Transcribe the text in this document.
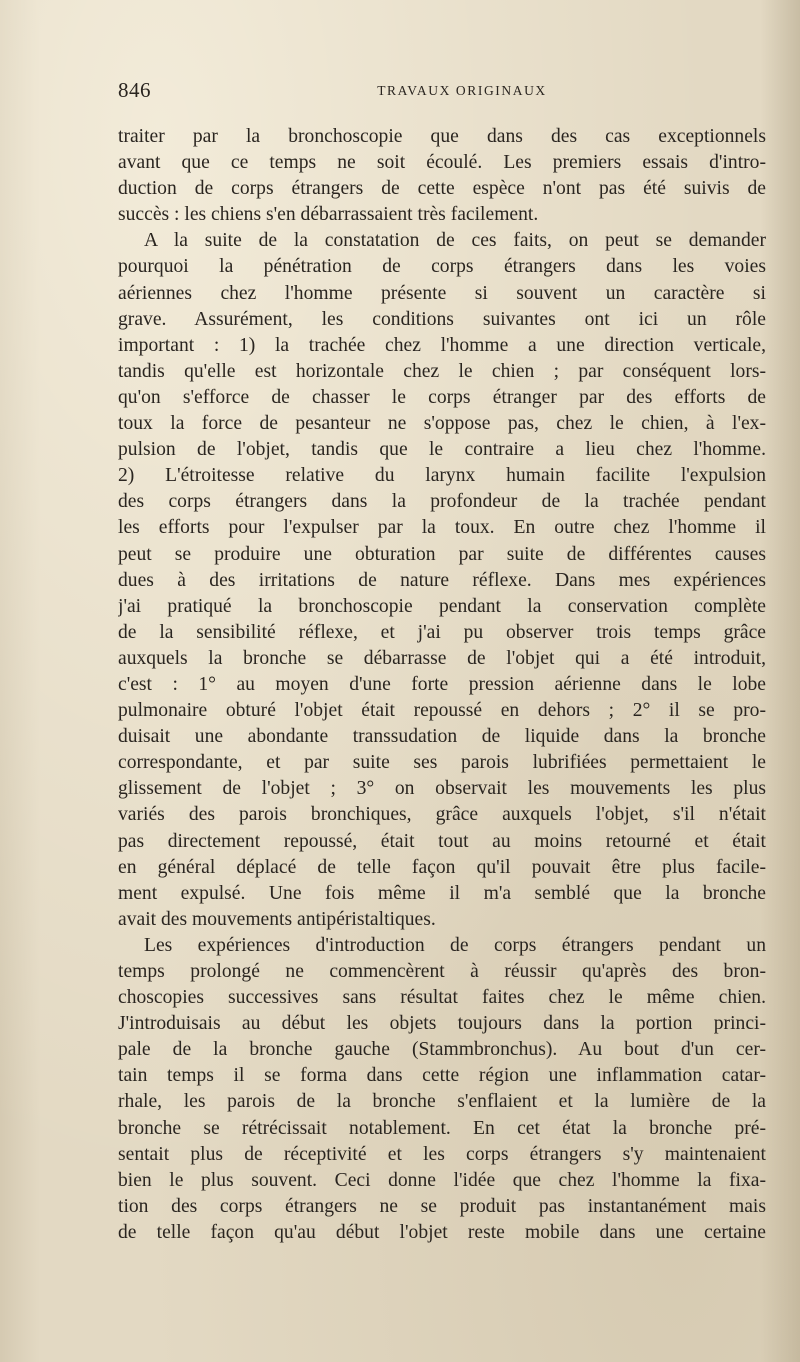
846	TRAVAUX ORIGINAUX
traiter par la bronchoscopie que dans des cas exceptionnels
avant que ce temps ne soit écoulé. Les premiers essais d'intro-
duction de corps étrangers de cette espèce n'ont pas été suivis de
succès : les chiens s'en débarrassaient très facilement.
A la suite de la constatation de ces faits, on peut se demander
pourquoi la pénétration de corps étrangers dans les voies
aériennes chez l'homme présente si souvent un caractère si
grave. Assurément, les conditions suivantes ont ici un rôle
important : 1) la trachée chez l'homme a une direction verticale,
tandis qu'elle est horizontale chez le chien ; par conséquent lors-
qu'on s'efforce de chasser le corps étranger par des efforts de
toux la force de pesanteur ne s'oppose pas, chez le chien, à l'ex-
pulsion de l'objet, tandis que le contraire a lieu chez l'homme.
2) L'étroitesse relative du larynx humain facilite l'expulsion
des corps étrangers dans la profondeur de la trachée pendant
les efforts pour l'expulser par la toux. En outre chez l'homme il
peut se produire une obturation par suite de différentes causes
dues à des irritations de nature réflexe. Dans mes expériences
j'ai pratiqué la bronchoscopie pendant la conservation complète
de la sensibilité réflexe, et j'ai pu observer trois temps grâce
auxquels la bronche se débarrasse de l'objet qui a été introduit,
c'est : 1° au moyen d'une forte pression aérienne dans le lobe
pulmonaire obturé l'objet était repoussé en dehors ; 2° il se pro-
duisait une abondante transsudation de liquide dans la bronche
correspondante, et par suite ses parois lubrifiées permettaient le
glissement de l'objet ; 3° on observait les mouvements les plus
variés des parois bronchiques, grâce auxquels l'objet, s'il n'était
pas directement repoussé, était tout au moins retourné et était
en général déplacé de telle façon qu'il pouvait être plus facile-
ment expulsé. Une fois même il m'a semblé que la bronche
avait des mouvements antipéristaltiques.
Les expériences d'introduction de corps étrangers pendant un
temps prolongé ne commencèrent à réussir qu'après des bron-
choscopies successives sans résultat faites chez le même chien.
J'introduisais au début les objets toujours dans la portion princi-
pale de la bronche gauche (Stammbronchus). Au bout d'un cer-
tain temps il se forma dans cette région une inflammation catar-
rhale, les parois de la bronche s'enflaient et la lumière de la
bronche se rétrécissait notablement. En cet état la bronche pré-
sentait plus de réceptivité et les corps étrangers s'y maintenaient
bien le plus souvent. Ceci donne l'idée que chez l'homme la fixa-
tion des corps étrangers ne se produit pas instantanément mais
de telle façon qu'au début l'objet reste mobile dans une certaine
